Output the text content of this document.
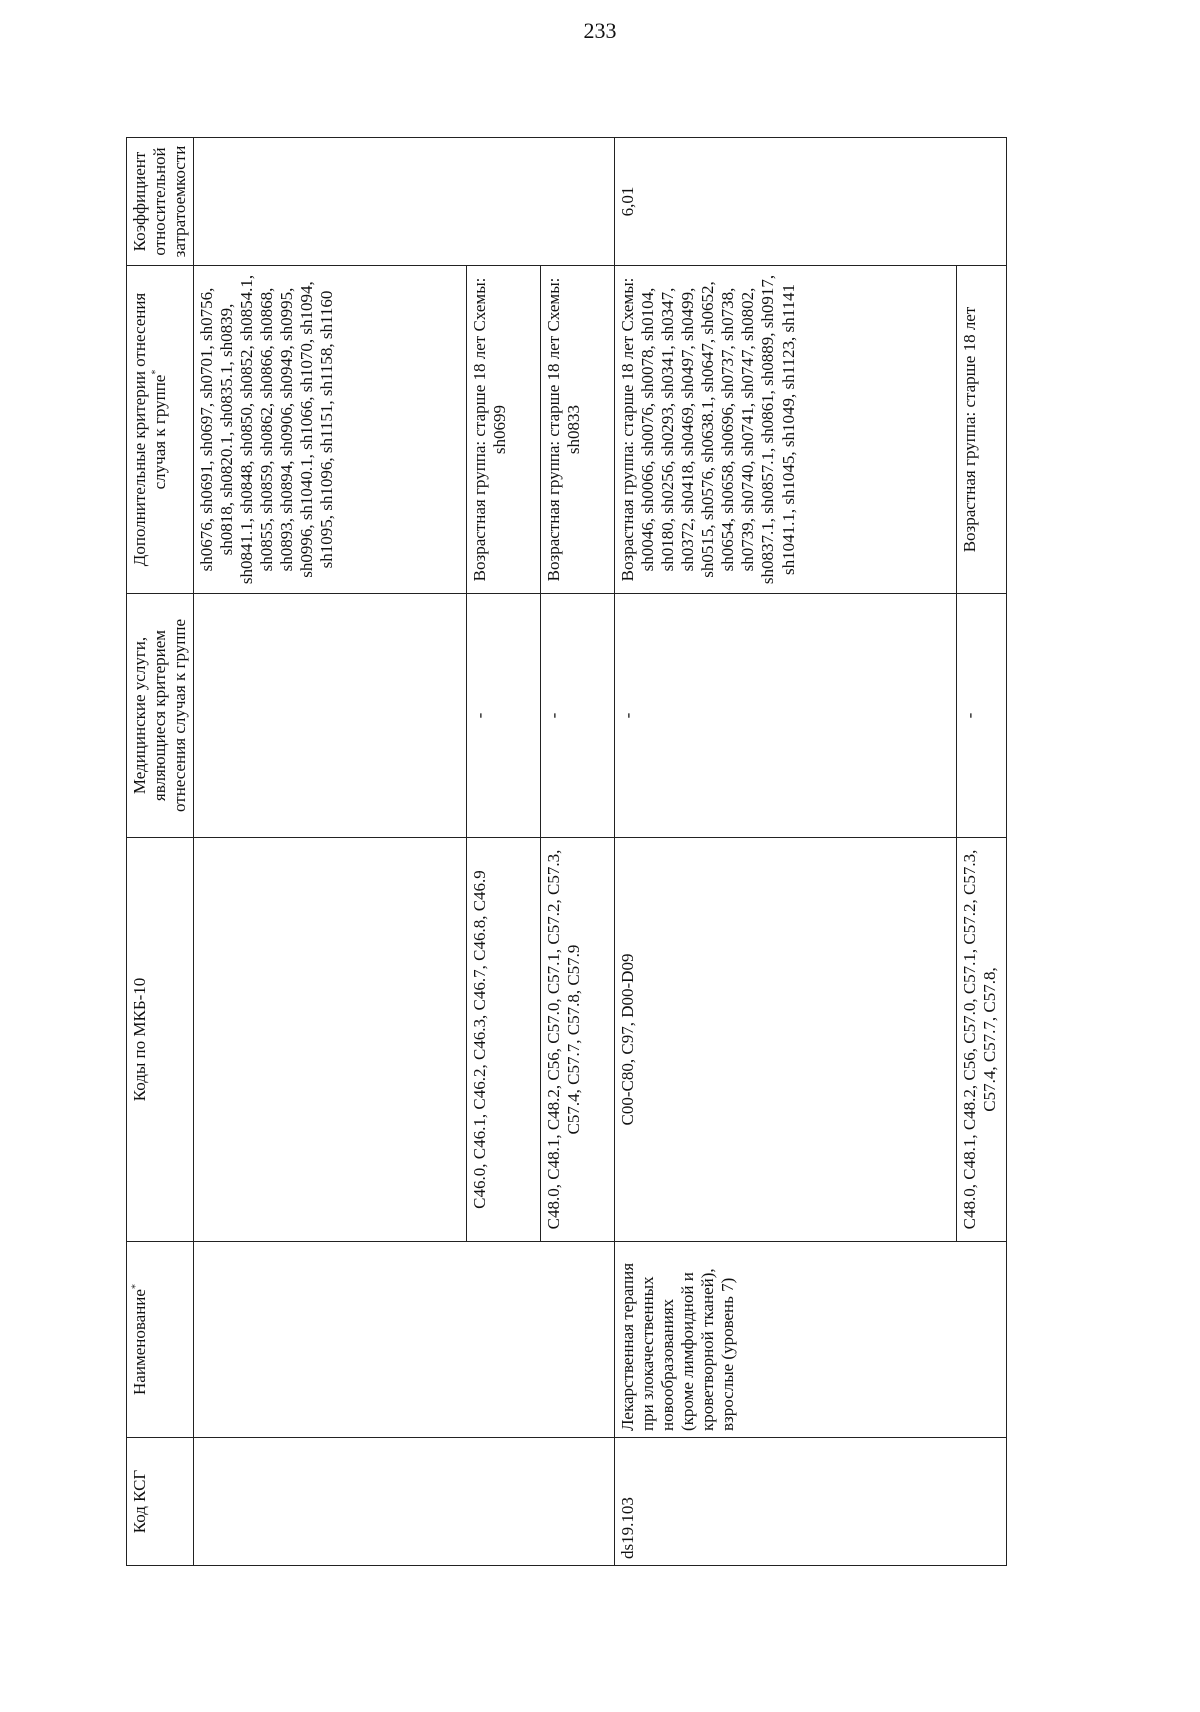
233
Код КСГ	Наименование*	Коды по МКБ-10	Медицинские услуги, являющиеся критерием отнесения случая к группе	Дополнительные критерии отнесения случая к группе*	Коэффициент относительной затратоемкости
				sh0676, sh0691, sh0697, sh0701, sh0756, sh0818, sh0820.1, sh0835.1, sh0839, sh0841.1, sh0848, sh0850, sh0852, sh0854.1, sh0855, sh0859, sh0862, sh0866, sh0868, sh0893, sh0894, sh0906, sh0949, sh0995, sh0996, sh1040.1, sh1066, sh1070, sh1094, sh1095, sh1096, sh1151, sh1158, sh1160	
		C46.0, C46.1, C46.2, C46.3, C46.7, C46.8, C46.9	-	Возрастная группа: старше 18 лет Схемы: sh0699	
		C48.0, C48.1, C48.2, C56, C57.0, C57.1, C57.2, C57.3, C57.4, C57.7, C57.8, C57.9	-	Возрастная группа: старше 18 лет Схемы: sh0833	
ds19.103	Лекарственная терапия при злокачественных новообразованиях (кроме лимфоидной и кроветворной тканей), взрослые (уровень 7)	C00-C80, C97, D00-D09	-	Возрастная группа: старше 18 лет Схемы: sh0046, sh0066, sh0076, sh0078, sh0104, sh0180, sh0256, sh0293, sh0341, sh0347, sh0372, sh0418, sh0469, sh0497, sh0499, sh0515, sh0576, sh0638.1, sh0647, sh0652, sh0654, sh0658, sh0696, sh0737, sh0738, sh0739, sh0740, sh0741, sh0747, sh0802, sh0837.1, sh0857.1, sh0861, sh0889, sh0917, sh1041.1, sh1045, sh1049, sh1123, sh1141	6,01
		C48.0, C48.1, C48.2, C56, C57.0, C57.1, C57.2, C57.3, C57.4, C57.7, C57.8,	-	Возрастная группа: старше 18 лет	
